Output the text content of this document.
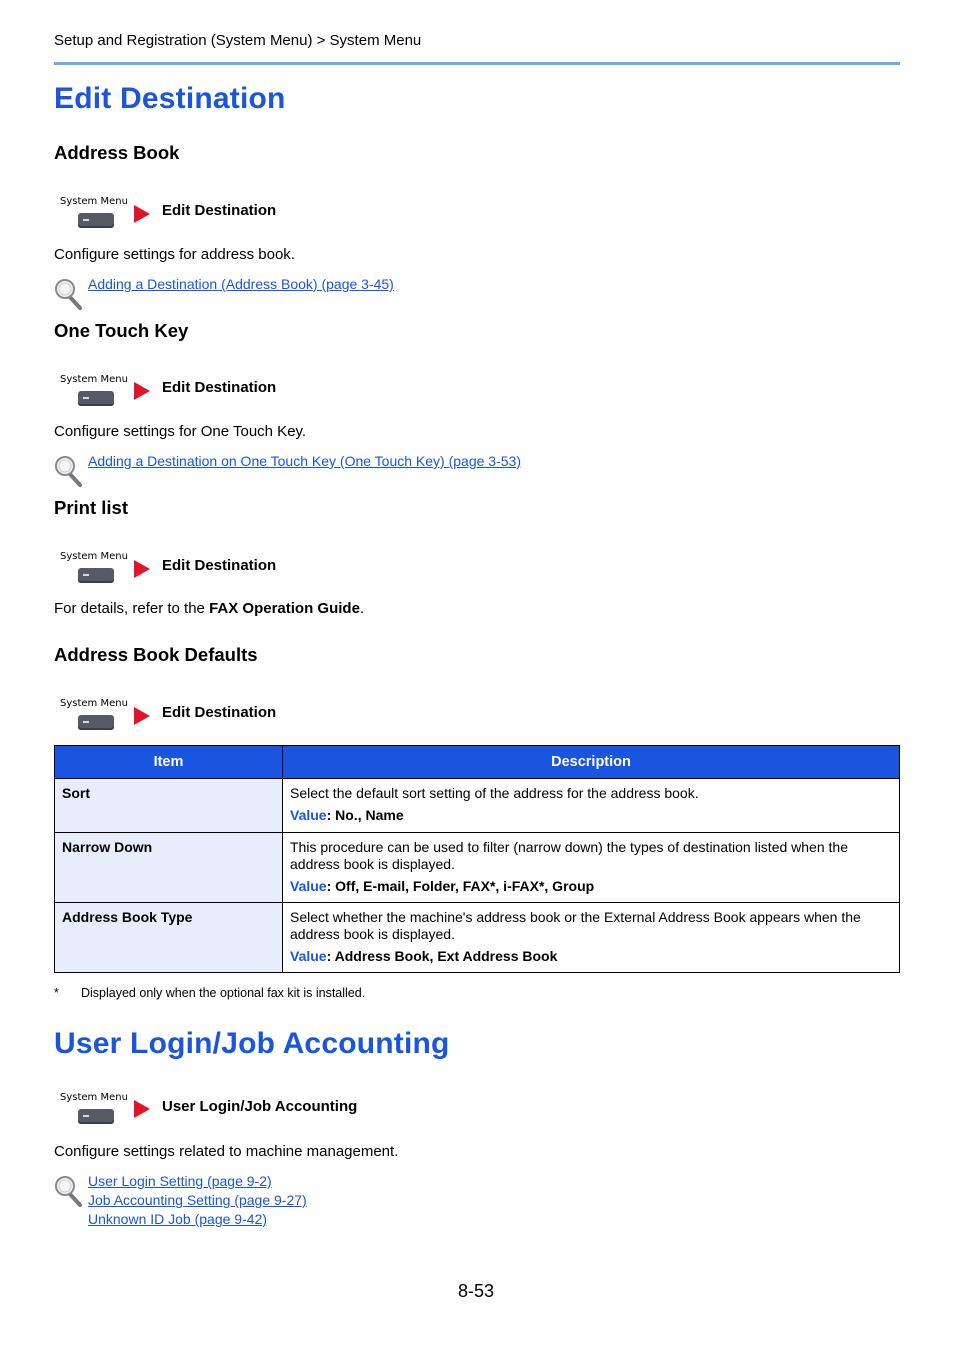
Setup and Registration (System Menu) > System Menu
Edit Destination
Address Book
System Menu
Edit Destination
Configure settings for address book.
Adding a Destination (Address Book) (page 3-45)
One Touch Key
System Menu Edit Destination
Configure settings for One Touch Key.
Adding a Destination on One Touch Key (One Touch Key) (page 3-53)
Print list
System Menu
Edit Destination
For details, refer to the FAX Operation Guide.
Address Book Defaults
System Menu
Edit Destination
Item	Description
Sort	Select the default sort setting of the address for the address book.
Value: No., Name

Narrow Down	This procedure can be used to filter (narrow down) the types of destination listed when the address book is displayed.
Value: Off, E-mail, Folder, FAX*, i-FAX*, Group

Address Book Type	Select whether the machine's address book or the External Address Book appears when the address book is displayed.
Value: Address Book, Ext Address Book
* Displayed only when the optional fax kit is installed.
User Login/Job Accounting
System Menu
User Login/Job Accounting
Configure settings related to machine management.
User Login Setting (page 9-2)
Job Accounting Setting (page 9-27)
Unknown ID Job (page 9-42)
8-53
